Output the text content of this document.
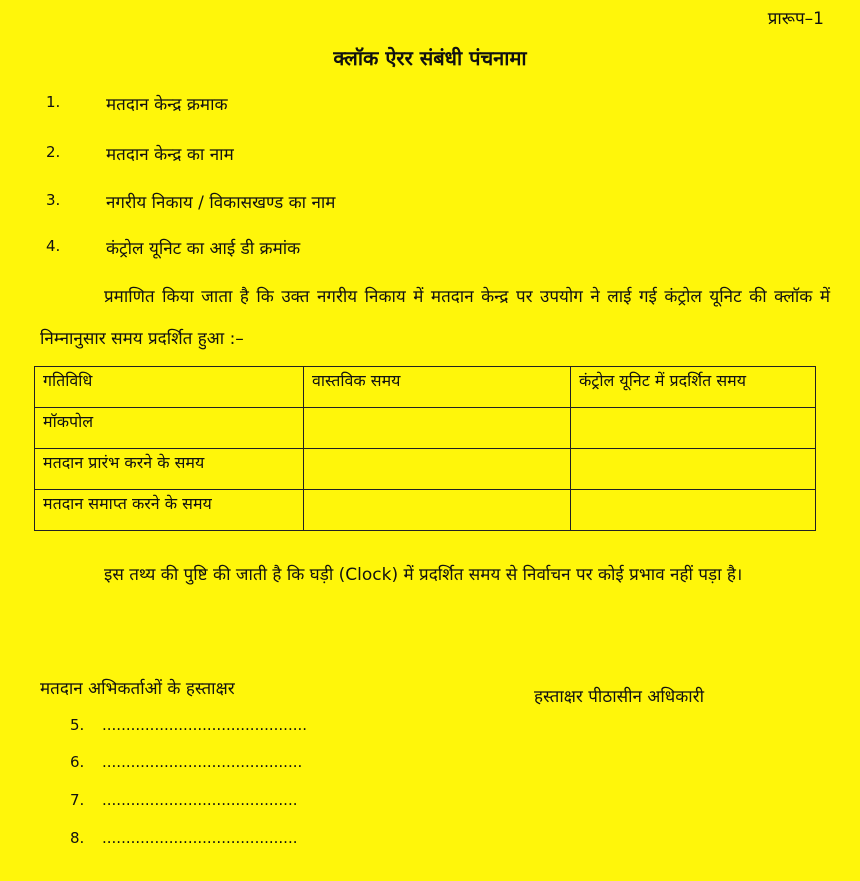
प्रारूप–1
क्लॉक ऐरर संबंधी पंचनामा
1.	मतदान केन्द्र क्रमाक
2.	मतदान केन्द्र का नाम
3.	नगरीय निकाय / विकासखण्ड का नाम
4.	कंट्रोल यूनिट का आई डी क्रमांक
प्रमाणित किया जाता है कि उक्त नगरीय निकाय में मतदान केन्द्र पर उपयोग ने लाई गई कंट्रोल यूनिट की क्लॉक में निम्नानुसार समय प्रदर्शित हुआ :–
गतिविधि	वास्तविक समय	कंट्रोल यूनिट में प्रदर्शित समय
मॉकपोल		
मतदान प्रारंभ करने के समय		
मतदान समाप्त करने के समय		
इस तथ्य की पुष्टि की जाती है कि घड़ी (Clock) में प्रदर्शित समय से निर्वाचन पर कोई प्रभाव नहीं पड़ा है।
मतदान अभिकर्ताओं के हस्ताक्षर	हस्ताक्षर पीठासीन अधिकारी
5. ...........................................
6. ..........................................
7. .........................................
8. .........................................
